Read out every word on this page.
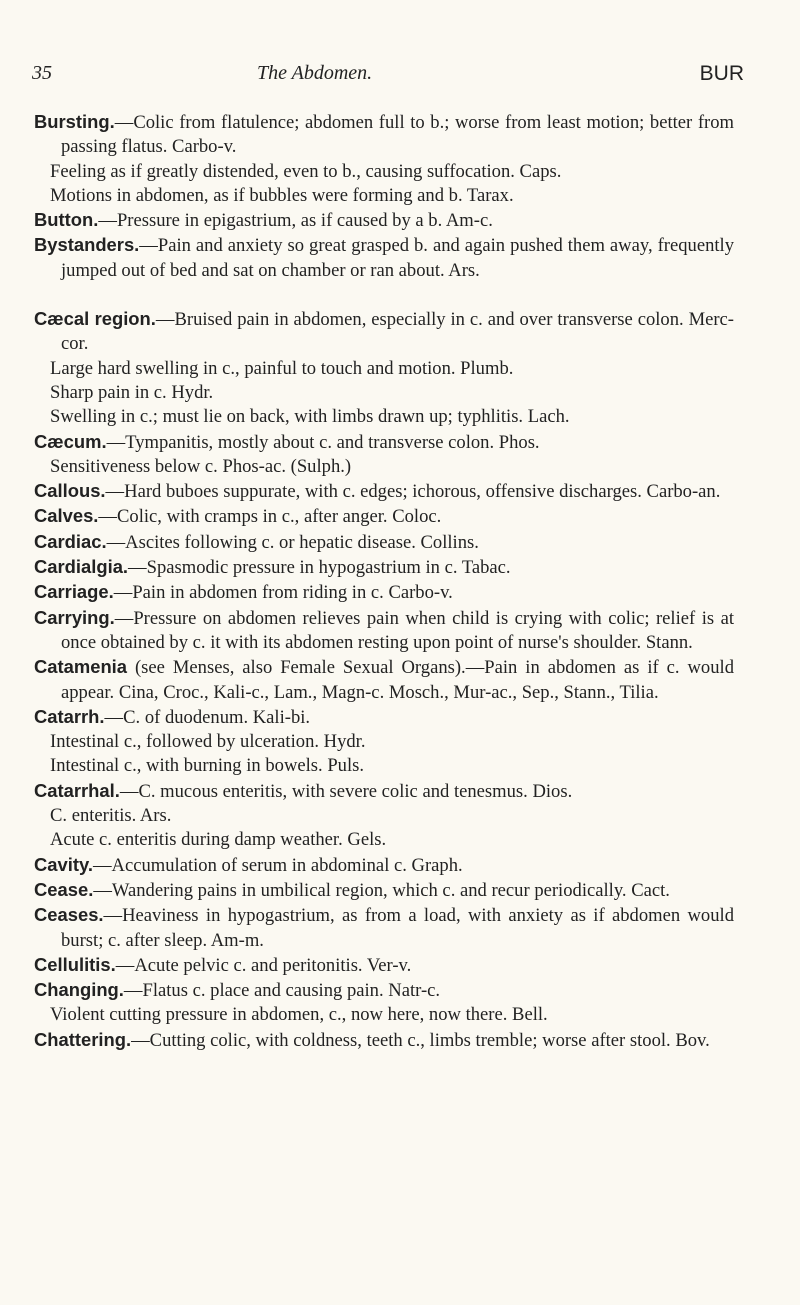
35	The Abdomen.	BUR
Bursting.—Colic from flatulence; abdomen full to b.; worse from least motion; better from passing flatus. Carbo-v.
Feeling as if greatly distended, even to b., causing suffocation. Caps.
Motions in abdomen, as if bubbles were forming and b. Tarax.
Button.—Pressure in epigastrium, as if caused by a b. Am-c.
Bystanders.—Pain and anxiety so great grasped b. and again pushed them away, frequently jumped out of bed and sat on chamber or ran about. Ars.
Cæcal region.—Bruised pain in abdomen, especially in c. and over transverse colon. Merc-cor.
Large hard swelling in c., painful to touch and motion. Plumb.
Sharp pain in c. Hydr.
Swelling in c.; must lie on back, with limbs drawn up; typhlitis. Lach.
Cæcum.—Tympanitis, mostly about c. and transverse colon. Phos.
Sensitiveness below c. Phos-ac. (Sulph.)
Callous.—Hard buboes suppurate, with c. edges; ichorous, offensive discharges. Carbo-an.
Calves.—Colic, with cramps in c., after anger. Coloc.
Cardiac.—Ascites following c. or hepatic disease. Collins.
Cardialgia.—Spasmodic pressure in hypogastrium in c. Tabac.
Carriage.—Pain in abdomen from riding in c. Carbo-v.
Carrying.—Pressure on abdomen relieves pain when child is crying with colic; relief is at once obtained by c. it with its abdomen resting upon point of nurse's shoulder. Stann.
Catamenia (see Menses, also Female Sexual Organs).—Pain in abdomen as if c. would appear. Cina, Croc., Kali-c., Lam., Magn-c. Mosch., Mur-ac., Sep., Stann., Tilia.
Catarrh.—C. of duodenum. Kali-bi.
Intestinal c., followed by ulceration. Hydr.
Intestinal c., with burning in bowels. Puls.
Catarrhal.—C. mucous enteritis, with severe colic and tenesmus. Dios.
C. enteritis. Ars.
Acute c. enteritis during damp weather. Gels.
Cavity.—Accumulation of serum in abdominal c. Graph.
Cease.—Wandering pains in umbilical region, which c. and recur periodically. Cact.
Ceases.—Heaviness in hypogastrium, as from a load, with anxiety as if abdomen would burst; c. after sleep. Am-m.
Cellulitis.—Acute pelvic c. and peritonitis. Ver-v.
Changing.—Flatus c. place and causing pain. Natr-c.
Violent cutting pressure in abdomen, c., now here, now there. Bell.
Chattering.—Cutting colic, with coldness, teeth c., limbs tremble; worse after stool. Bov.
